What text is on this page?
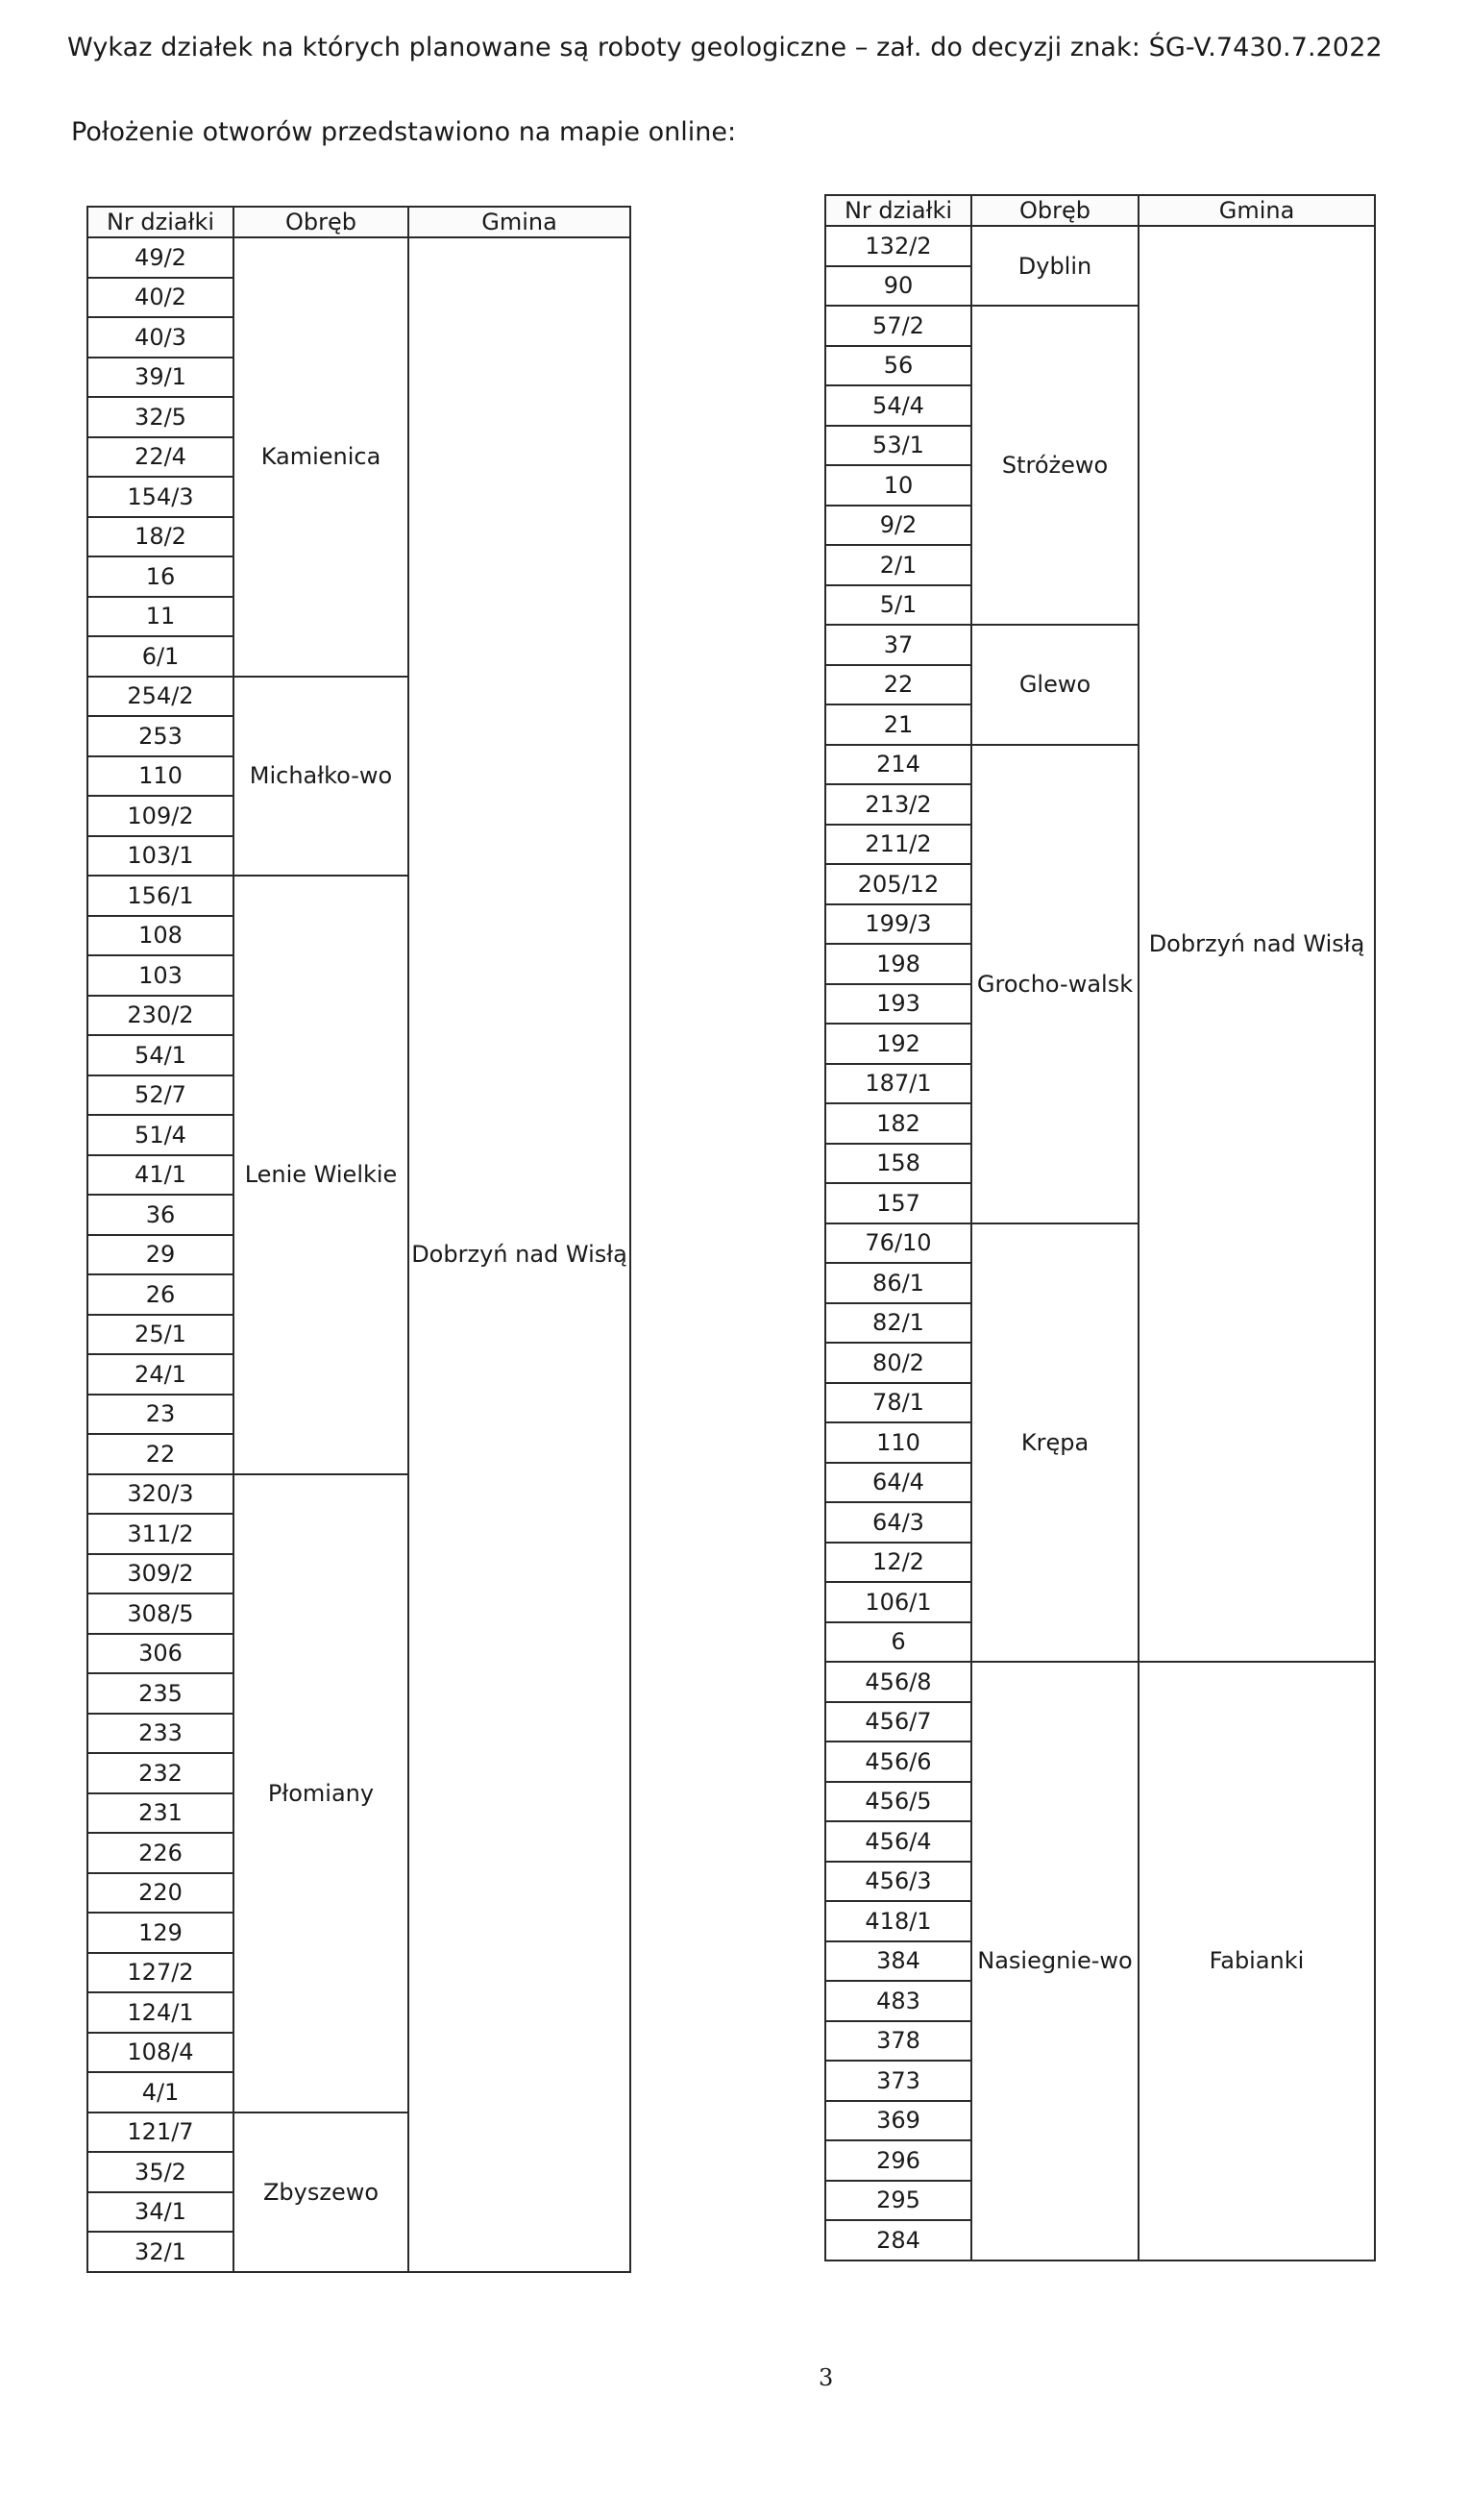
Wykaz działek na których planowane są roboty geologiczne – zał. do decyzji znak: ŚG-V.7430.7.2022
Położenie otworów przedstawiono na mapie online:
Nr działki	Obręb	Gmina
49/2	Kamienica	Dobrzyń nad Wisłą
40/2		
40/3		
39/1		
32/5		
22/4		
154/3		
18/2		
16		
11		
6/1		
254/2	Michałko-wo	
253		
110		
109/2		
103/1		
156/1	Lenie Wielkie	
108		
103		
230/2		
54/1		
52/7		
51/4		
41/1		
36		
29		
26		
25/1		
24/1		
23		
22		
320/3	Płomiany	
311/2		
309/2		
308/5		
306		
235		
233		
232		
231		
226		
220		
129		
127/2		
124/1		
108/4		
4/1		
121/7	Zbyszewo	
35/2		
34/1		
32/1		
Nr działki	Obręb	Gmina
132/2	Dyblin	Dobrzyń nad Wisłą
90		
57/2	Stróżewo	
56		
54/4		
53/1		
10		
9/2		
2/1		
5/1		
37	Glewo	
22		
21		
214	Grocho-walsk	
213/2		
211/2		
205/12		
199/3		
198		
193		
192		
187/1		
182		
158		
157		
76/10	Krępa	
86/1		
82/1		
80/2		
78/1		
110		
64/4		
64/3		
12/2		
106/1		
6		
456/8	Nasiegnie-wo	Fabianki
456/7		
456/6		
456/5		
456/4		
456/3		
418/1		
384		
483		
378		
373		
369		
296		
295		
284		
3
